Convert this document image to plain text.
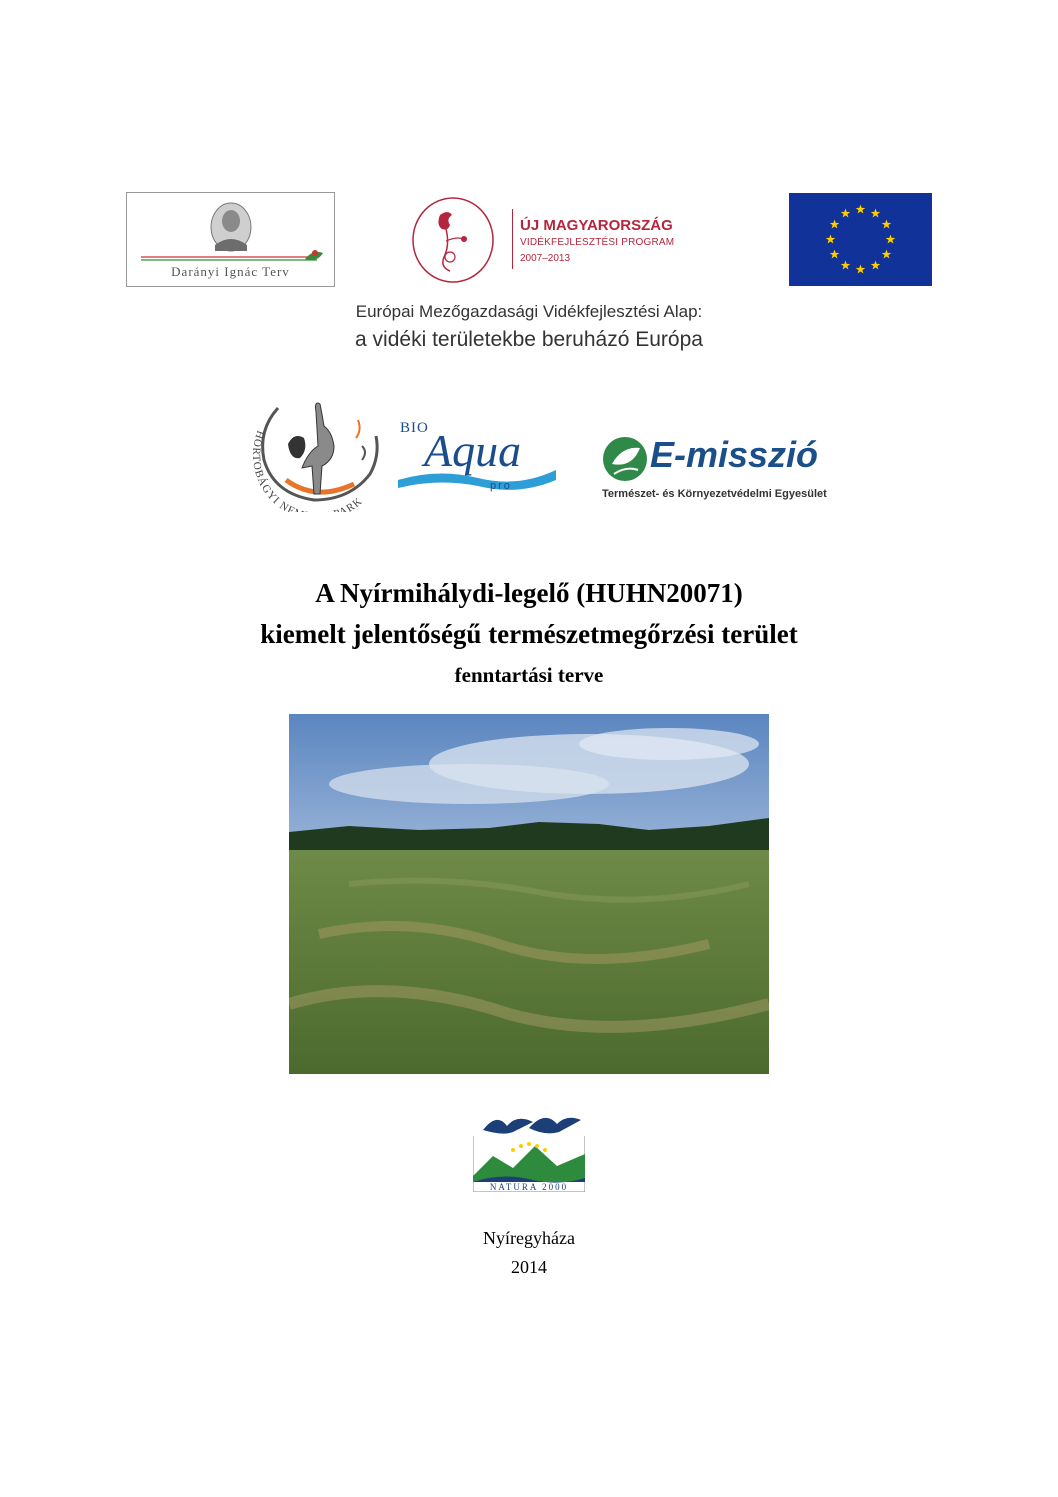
Darányi Ignác Terv
ÚJ MAGYARORSZÁG
VIDÉKFEJLESZTÉSI PROGRAM
2007–2013
Európai Mezőgazdasági Vidékfejlesztési Alap:
a vidéki területekbe beruházó Európa
HORTOBÁGYI NE ARK
BIO
Aqua
pro
E-misszió
Természet- és Környezetvédelmi Egyesület
A Nyírmihálydi-legelő (HUHN20071)
kiemelt jelentőségű természetmegőrzési terület
fenntartási terve
NATURA 2000
Nyíregyháza
2014
